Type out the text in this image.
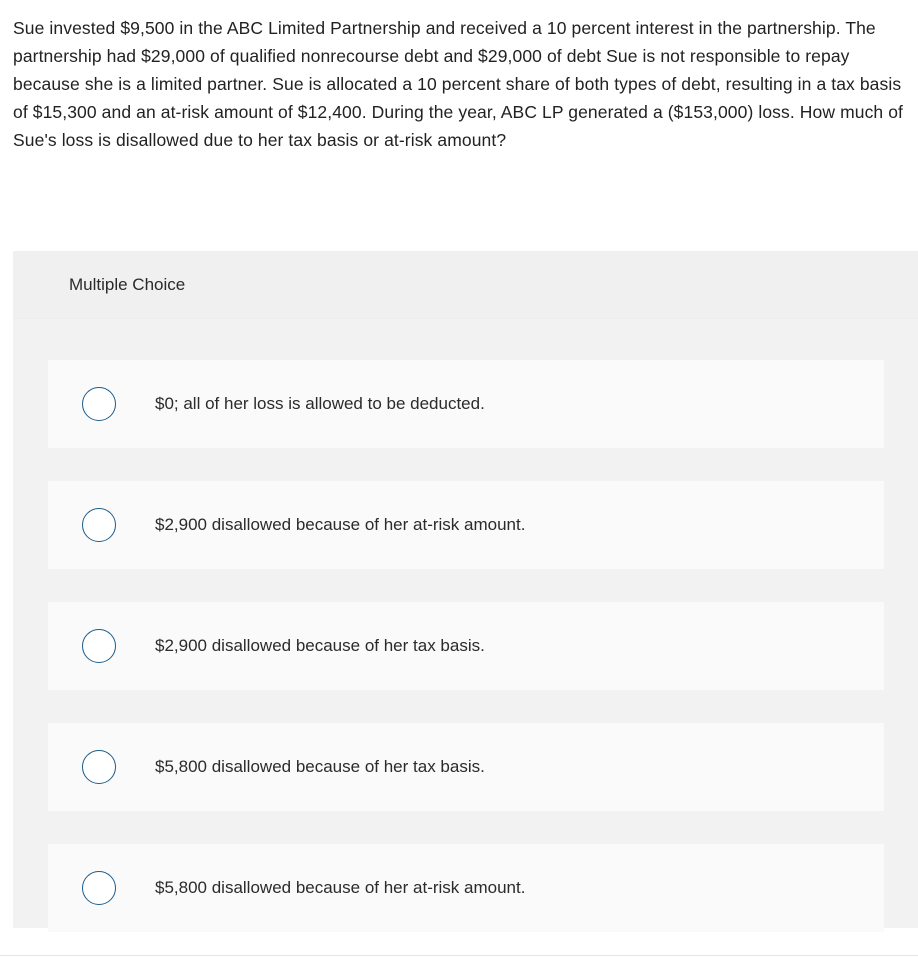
Sue invested $9,500 in the ABC Limited Partnership and received a 10 percent interest in the partnership. The partnership had $29,000 of qualified nonrecourse debt and $29,000 of debt Sue is not responsible to repay because she is a limited partner. Sue is allocated a 10 percent share of both types of debt, resulting in a tax basis of $15,300 and an at-risk amount of $12,400. During the year, ABC LP generated a ($153,000) loss. How much of Sue's loss is disallowed due to her tax basis or at-risk amount?

Multiple Choice
$0; all of her loss is allowed to be deducted.
$2,900 disallowed because of her at-risk amount.
$2,900 disallowed because of her tax basis.
$5,800 disallowed because of her tax basis.
$5,800 disallowed because of her at-risk amount.
